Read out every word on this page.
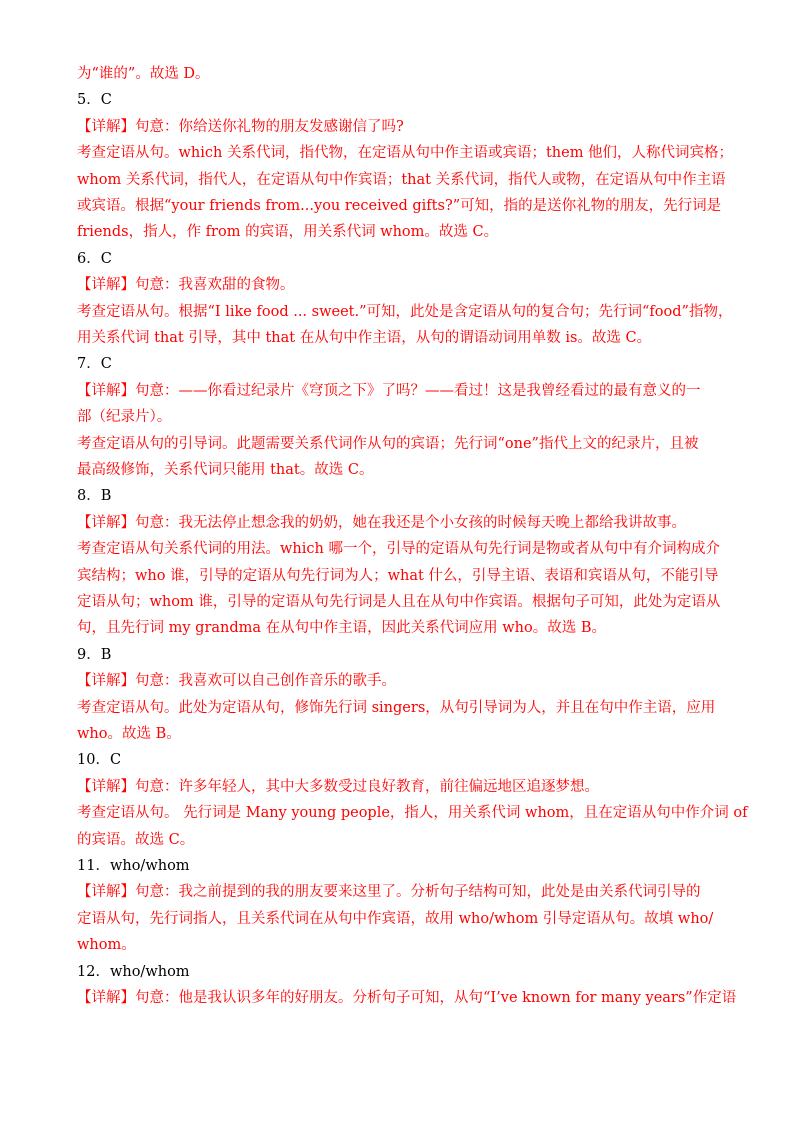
为“谁的”。故选 D。
5．C
【详解】句意：你给送你礼物的朋友发感谢信了吗?
考查定语从句。which 关系代词，指代物，在定语从句中作主语或宾语；them 他们，人称代词宾格；
whom 关系代词，指代人，在定语从句中作宾语；that 关系代词，指代人或物，在定语从句中作主语
或宾语。根据“your friends from...you received gifts?”可知，指的是送你礼物的朋友，先行词是
friends，指人，作 from 的宾语，用关系代词 whom。故选 C。
6．C
【详解】句意：我喜欢甜的食物。
考查定语从句。根据“I like food ... sweet.”可知，此处是含定语从句的复合句；先行词“food”指物，
用关系代词 that 引导，其中 that 在从句中作主语，从句的谓语动词用单数 is。故选 C。
7．C
【详解】句意：——你看过纪录片《穹顶之下》了吗？——看过！这是我曾经看过的最有意义的一
部（纪录片）。
考查定语从句的引导词。此题需要关系代词作从句的宾语；先行词“one”指代上文的纪录片，且被
最高级修饰，关系代词只能用 that。故选 C。
8．B
【详解】句意：我无法停止想念我的奶奶，她在我还是个小女孩的时候每天晚上都给我讲故事。
考查定语从句关系代词的用法。which 哪一个，引导的定语从句先行词是物或者从句中有介词构成介
宾结构；who 谁，引导的定语从句先行词为人；what 什么，引导主语、表语和宾语从句，不能引导
定语从句；whom 谁，引导的定语从句先行词是人且在从句中作宾语。根据句子可知，此处为定语从
句，且先行词 my grandma 在从句中作主语，因此关系代词应用 who。故选 B。
9．B
【详解】句意：我喜欢可以自己创作音乐的歌手。
考查定语从句。此处为定语从句，修饰先行词 singers，从句引导词为人，并且在句中作主语，应用
who。故选 B。
10．C
【详解】句意：许多年轻人，其中大多数受过良好教育，前往偏远地区追逐梦想。
考查定语从句。 先行词是 Many young people，指人，用关系代词 whom，且在定语从句中作介词 of
的宾语。故选 C。
11．who/whom
【详解】句意：我之前提到的我的朋友要来这里了。分析句子结构可知，此处是由关系代词引导的
定语从句，先行词指人，且关系代词在从句中作宾语，故用 who/whom 引导定语从句。故填 who/
whom。
12．who/whom
【详解】句意：他是我认识多年的好朋友。分析句子可知，从句“I’ve known for many years”作定语
